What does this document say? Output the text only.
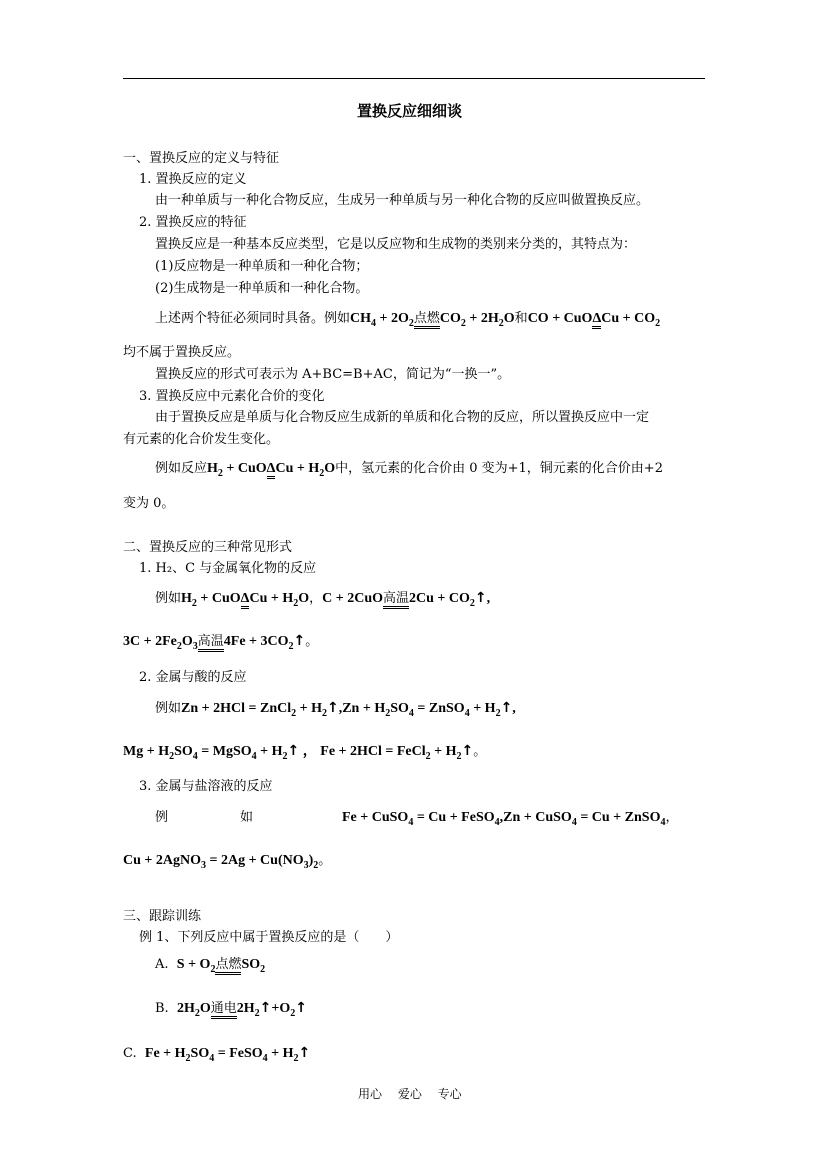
置换反应细细谈
一、置换反应的定义与特征
1. 置换反应的定义
由一种单质与一种化合物反应，生成另一种单质与另一种化合物的反应叫做置换反应。
2. 置换反应的特征
置换反应是一种基本反应类型，它是以反应物和生成物的类别来分类的，其特点为：
(1)反应物是一种单质和一种化合物；
(2)生成物是一种单质和一种化合物。
上述两个特征必须同时具备。例如$CH_4 + 2O_2$点燃$CO_2 + 2H_2O$和CO + $CuO\Delta Cu + CO_2$
均不属于置换反应。
置换反应的形式可表示为 A+BC=B+AC，简记为“一换一”。
3. 置换反应中元素化合价的变化
由于置换反应是单质与化合物反应生成新的单质和化合物的反应，所以置换反应中一定
有元素的化合价发生变化。
例如反应$H_2 + CuO\Delta Cu + H_2O$中，氢元素的化合价由 0 变为+1，铜元素的化合价由+2
变为 0。
二、置换反应的三种常见形式
1. H₂、C 与金属氧化物的反应
例如$H_2 + CuO\Delta Cu + H_2O$，C + 2CuO高温$2Cu + CO_2↑$,
$3C + 2Fe_2O_3$高温$4Fe + 3CO_2↑$。
2. 金属与酸的反应
例如Zn + 2HCl = ZnCl$_2$ + $H_2↑,Zn + H_2SO_4$ = ZnSO$_4$ + $H_2↑$,
$Mg + H_2SO_4$ = MgSO$_4$ + $H_2↑$ ， Fe + 2HCl = FeCl$_2$ + $H_2↑$。
3. 金属与盐溶液的反应
例	如	Fe + CuSO$_4$ = Cu + FeSO$_4$,Zn + CuSO$_4$ = Cu + ZnSO$_4$，
Cu + 2AgNO$_3$ = $2Ag + Cu(NO_3)_2$。
三、跟踪训练
例 1、下列反应中属于置换反应的是（　　）
A. $S + O_2$点燃$SO_2$
B. $2H_2O$通电$2H_2↑+O_2↑$
C. $Fe + H_2SO_4$ = FeSO$_4$ + $H_2↑$
用心　 爱心　 专心
